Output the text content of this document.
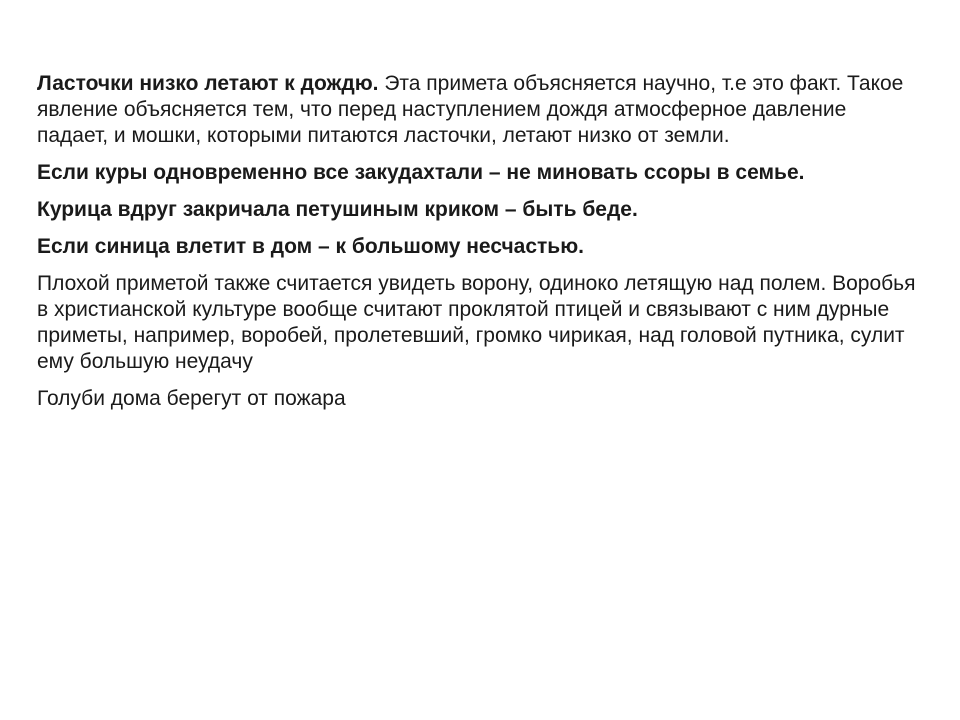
Ласточки низко летают к дождю. Эта примета объясняется научно, т.е это факт. Такое явление объясняется тем, что перед наступлением дождя атмосферное давление падает, и мошки, которыми питаются ласточки, летают низко от земли.

Если куры одновременно все закудахтали – не миновать ссоры в семье.

Курица вдруг закричала петушиным криком – быть беде.

Если синица влетит в дом – к большому несчастью.

Плохой приметой также считается увидеть ворону, одиноко летящую над полем. Воробья в христианской культуре вообще считают проклятой птицей и связывают с ним дурные приметы, например, воробей, пролетевший, громко чирикая, над головой путника, сулит ему большую неудачу

Голуби дома берегут от пожара
